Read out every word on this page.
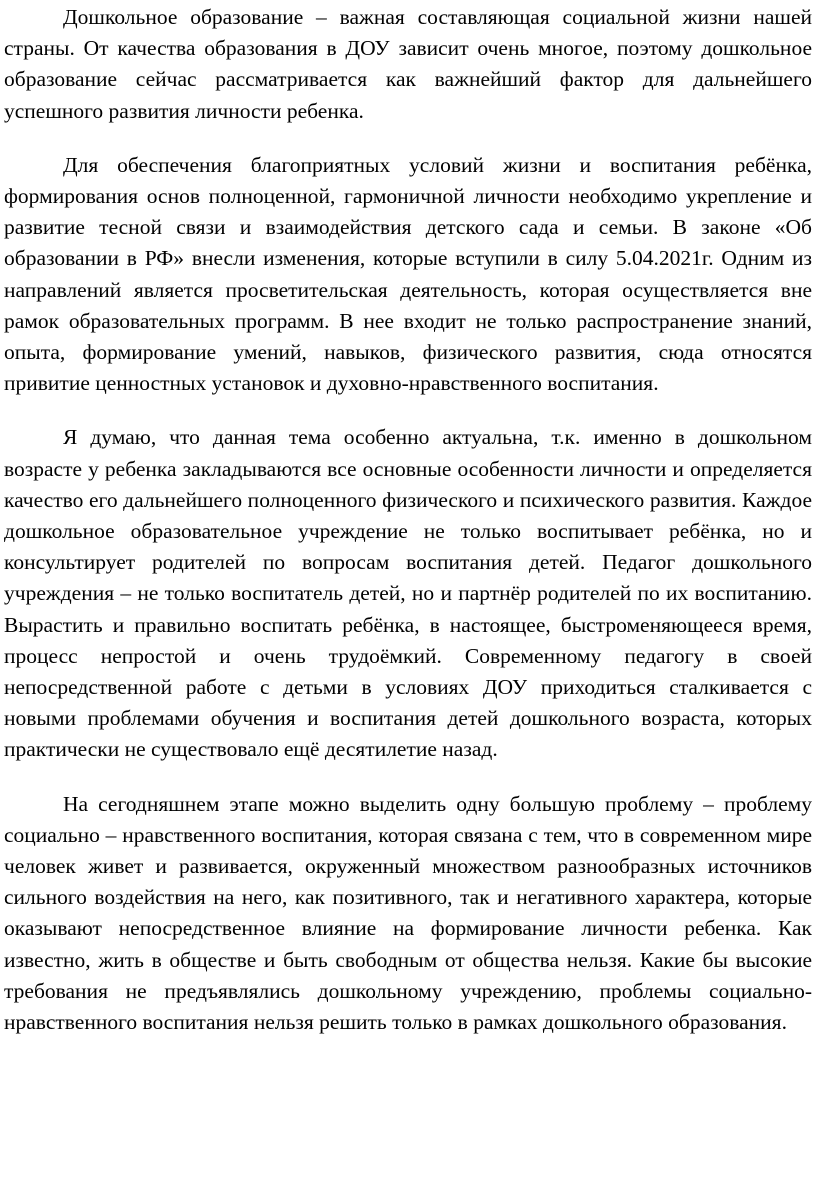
Дошкольное образование – важная составляющая социальной жизни нашей страны. От качества образования в ДОУ зависит очень многое, поэтому дошкольное образование сейчас рассматривается как важнейший фактор для дальнейшего успешного развития личности ребенка.

Для обеспечения благоприятных условий жизни и воспитания ребёнка, формирования основ полноценной, гармоничной личности необходимо укрепление и развитие тесной связи и взаимодействия детского сада и семьи. В законе «Об образовании в РФ» внесли изменения, которые вступили в силу 5.04.2021г. Одним из направлений является просветительская деятельность, которая осуществляется вне рамок образовательных программ. В нее входит не только распространение знаний, опыта, формирование умений, навыков, физического развития, сюда относятся привитие ценностных установок и духовно-нравственного воспитания.

Я думаю, что данная тема особенно актуальна, т.к. именно в дошкольном возрасте у ребенка закладываются все основные особенности личности и определяется качество его дальнейшего полноценного физического и психического развития. Каждое дошкольное образовательное учреждение не только воспитывает ребёнка, но и консультирует родителей по вопросам воспитания детей. Педагог дошкольного учреждения – не только воспитатель детей, но и партнёр родителей по их воспитанию. Вырастить и правильно воспитать ребёнка, в настоящее, быстроменяющееся время, процесс непростой и очень трудоёмкий. Современному педагогу в своей непосредственной работе с детьми в условиях ДОУ приходиться сталкивается с новыми проблемами обучения и воспитания детей дошкольного возраста, которых практически не существовало ещё десятилетие назад.

На сегодняшнем этапе можно выделить одну большую проблему – проблему социально – нравственного воспитания, которая связана с тем, что в современном мире человек живет и развивается, окруженный множеством разнообразных источников сильного воздействия на него, как позитивного, так и негативного характера, которые оказывают непосредственное влияние на формирование личности ребенка. Как известно, жить в обществе и быть свободным от общества нельзя. Какие бы высокие требования не предъявлялись дошкольному учреждению, проблемы социально-нравственного воспитания нельзя решить только в рамках дошкольного образования.
